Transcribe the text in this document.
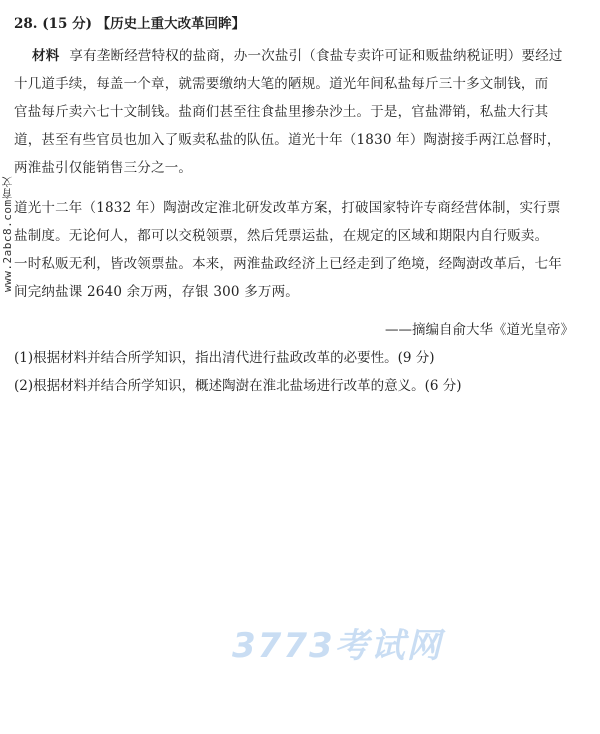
www.2abc8.com育文
28. (15 分) 【历史上重大改革回眸】
材料 享有垄断经营特权的盐商，办一次盐引（食盐专卖许可证和贩盐纳税证明）要经过
十几道手续，每盖一个章，就需要缴纳大笔的陋规。道光年间私盐每斤三十多文制钱，而
官盐每斤卖六七十文制钱。盐商们甚至往食盐里掺杂沙土。于是，官盐滞销，私盐大行其
道，甚至有些官员也加入了贩卖私盐的队伍。道光十年（1830 年）陶澍接手两江总督时，
两淮盐引仅能销售三分之一。
道光十二年（1832 年）陶澍改定淮北研发改革方案，打破国家特许专商经营体制，实行票
盐制度。无论何人，都可以交税领票，然后凭票运盐，在规定的区域和期限内自行贩卖。
一时私贩无利，皆改领票盐。本来，两淮盐政经济上已经走到了绝境，经陶澍改革后，七年
间完纳盐课 2640 余万两，存银 300 多万两。
——摘编自俞大华《道光皇帝》
(1)根据材料并结合所学知识，指出清代进行盐政改革的必要性。(9 分)
(2)根据材料并结合所学知识，概述陶澍在淮北盐场进行改革的意义。(6 分)
3773考试网
